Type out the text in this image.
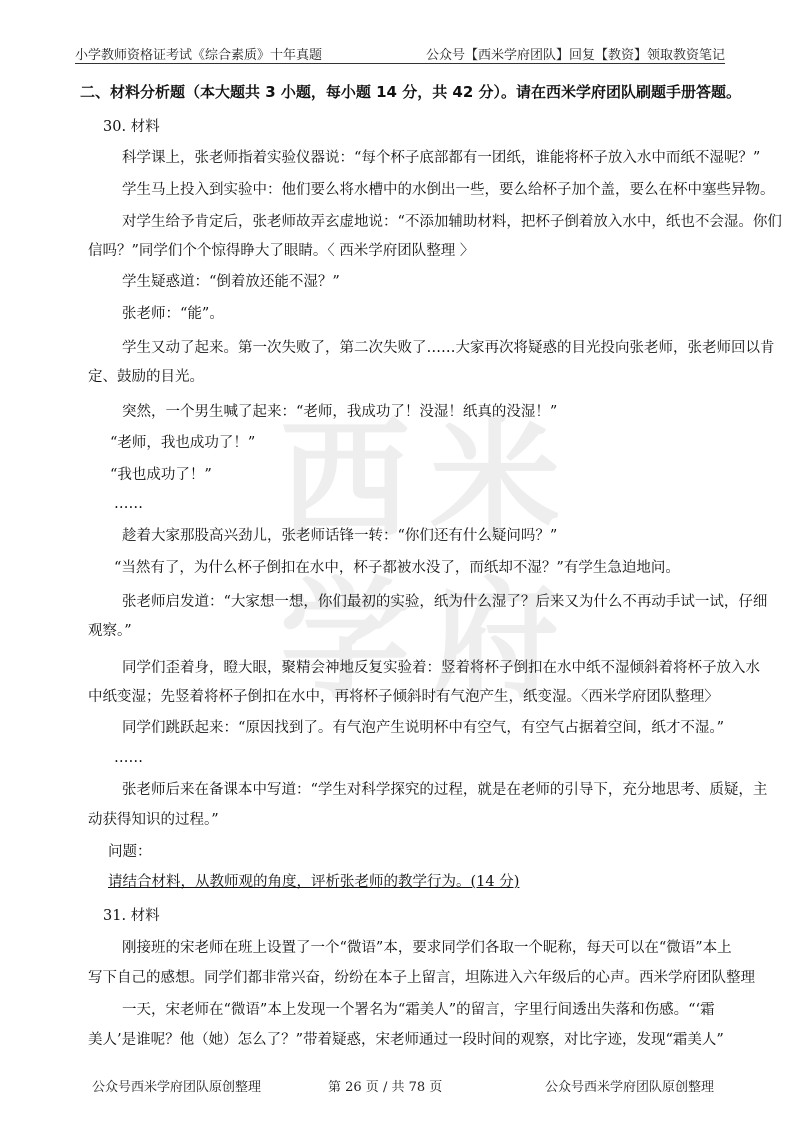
小学教师资格证考试《综合素质》十年真题	公众号【西米学府团队】回复【教资】领取教资笔记
西 米
学 府
二、材料分析题（本大题共 3 小题，每小题 14 分，共 42 分）。请在西米学府团队刷题手册答题。
30. 材料
科学课上，张老师指着实验仪器说：“每个杯子底部都有一团纸，谁能将杯子放入水中而纸不湿呢？”
学生马上投入到实验中：他们要么将水槽中的水倒出一些，要么给杯子加个盖，要么在杯中塞些异物。
对学生给予肯定后，张老师故弄玄虚地说：“不添加辅助材料，把杯子倒着放入水中，纸也不会湿。你们
信吗？”同学们个个惊得睁大了眼睛。〈 西米学府团队整理 〉
学生疑惑道：“倒着放还能不湿？”
张老师：“能”。
学生又动了起来。第一次失败了，第二次失败了……大家再次将疑惑的目光投向张老师，张老师回以肯
定、鼓励的目光。
突然，一个男生喊了起来：“老师，我成功了！没湿！纸真的没湿！”
“老师，我也成功了！”
“我也成功了！”
……
趁着大家那股高兴劲儿，张老师话锋一转：“你们还有什么疑问吗？”
“当然有了，为什么杯子倒扣在水中，杯子都被水没了，而纸却不湿？”有学生急迫地问。
张老师启发道：“大家想一想，你们最初的实验，纸为什么湿了？后来又为什么不再动手试一试，仔细
观察。”
同学们歪着身，瞪大眼，聚精会神地反复实验着：竖着将杯子倒扣在水中纸不湿倾斜着将杯子放入水
中纸变湿；先竖着将杯子倒扣在水中，再将杯子倾斜时有气泡产生，纸变湿。〈西米学府团队整理〉
同学们跳跃起来：“原因找到了。有气泡产生说明杯中有空气，有空气占据着空间，纸才不湿。”
……
张老师后来在备课本中写道：“学生对科学探究的过程，就是在老师的引导下，充分地思考、质疑，主
动获得知识的过程。”
问题：
请结合材料，从教师观的角度，评析张老师的教学行为。(14 分)
31. 材料
刚接班的宋老师在班上设置了一个“微语”本，要求同学们各取一个昵称，每天可以在“微语”本上
写下自己的感想。同学们都非常兴奋，纷纷在本子上留言，坦陈进入六年级后的心声。西米学府团队整理
一天，宋老师在“微语”本上发现一个署名为“霜美人”的留言，字里行间透出失落和伤感。“‘霜
美人’是谁呢？他（她）怎么了？”带着疑惑，宋老师通过一段时间的观察，对比字迹，发现“霜美人”
公众号西米学府团队原创整理	第 26 页 / 共 78 页	公众号西米学府团队原创整理
